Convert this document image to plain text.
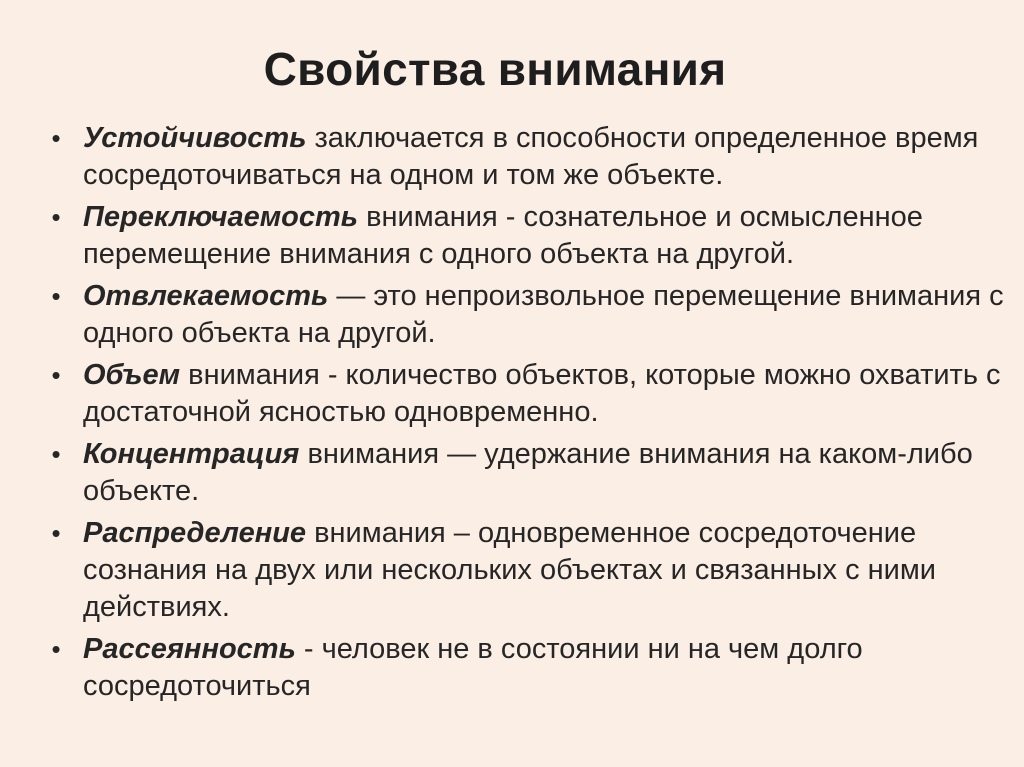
Свойства внимания
• Устойчивость заключается в способности определенное время сосредоточиваться на одном и том же объекте.
• Переключаемость внимания - сознательное и осмысленное перемещение внимания с одного объекта на другой.
• Отвлекаемость — это непроизвольное перемещение внимания с одного объекта на другой.
• Объем внимания - количество объектов, которые можно охватить с достаточной ясностью одновременно.
• Концентрация внимания — удержание внимания на каком-либо объекте.
• Распределение внимания – одновременное сосредоточение сознания на двух или нескольких объектах и связанных с ними действиях.
• Рассеянность - человек не в состоянии ни на чем долго сосредоточиться
